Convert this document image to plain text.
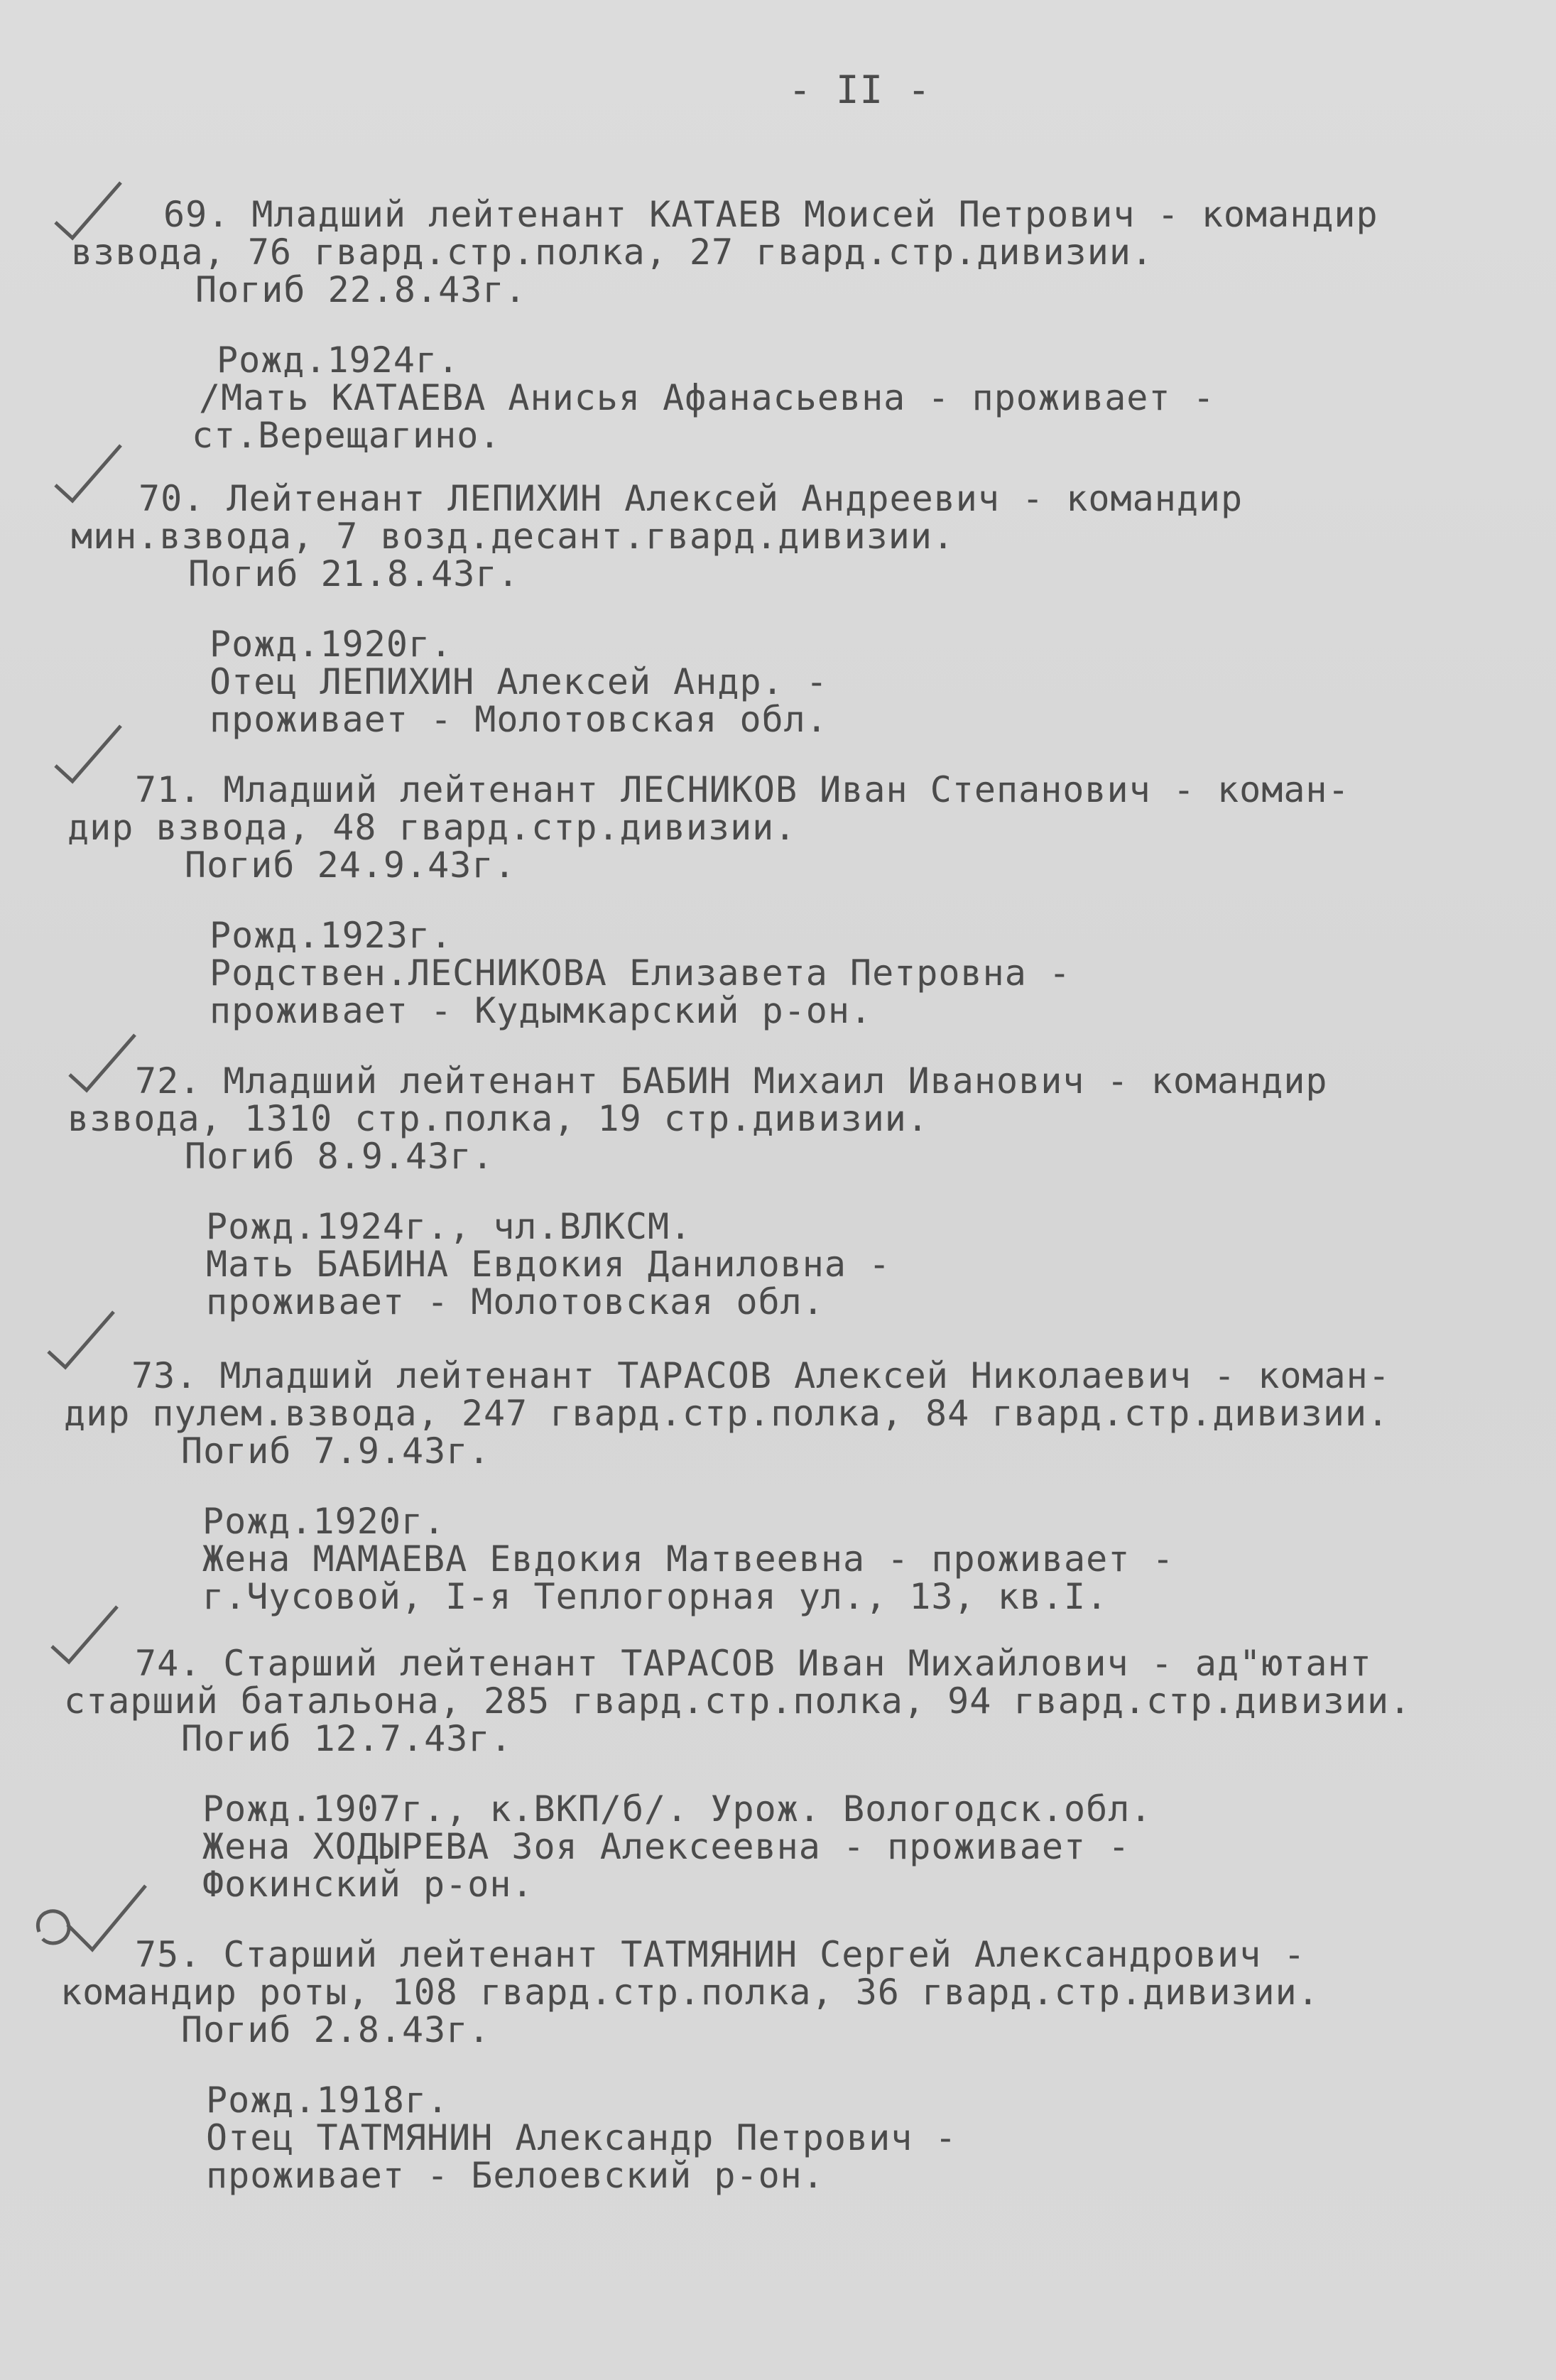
- II -
69. Младший лейтенант КАТАЕВ Моисей Петрович - командир
взвода, 76 гвард.стр.полка, 27 гвард.стр.дивизии.
Погиб 22.8.43г.
Рожд.1924г.
/Мать КАТАЕВА Анисья Афанасьевна - проживает -
ст.Верещагино.
70. Лейтенант ЛЕПИХИН Алексей Андреевич - командир
мин.взвода, 7 возд.десант.гвард.дивизии.
Погиб 21.8.43г.
Рожд.1920г.
Отец ЛЕПИХИН Алексей Андр. -
проживает - Молотовская обл.
71. Младший лейтенант ЛЕСНИКОВ Иван Степанович - коман-
дир взвода, 48 гвард.стр.дивизии.
Погиб 24.9.43г.
Рожд.1923г.
Родствен.ЛЕСНИКОВА Елизавета Петровна -
проживает - Кудымкарский р-он.
72. Младший лейтенант БАБИН Михаил Иванович - командир
взвода, 1310 стр.полка, 19 стр.дивизии.
Погиб 8.9.43г.
Рожд.1924г., чл.ВЛКСМ.
Мать БАБИНА Евдокия Даниловна -
проживает - Молотовская обл.
73. Младший лейтенант ТАРАСОВ Алексей Николаевич - коман-
дир пулем.взвода, 247 гвард.стр.полка, 84 гвард.стр.дивизии.
Погиб 7.9.43г.
Рожд.1920г.
Жена МАМАЕВА Евдокия Матвеевна - проживает -
г.Чусовой, I-я Теплогорная ул., 13, кв.I.
74. Старший лейтенант ТАРАСОВ Иван Михайлович - ад"ютант
старший батальона, 285 гвард.стр.полка, 94 гвард.стр.дивизии.
Погиб 12.7.43г.
Рожд.1907г., к.ВКП/б/. Урож. Вологодск.обл.
Жена ХОДЫРЕВА Зоя Алексеевна - проживает -
Фокинский р-он.
75. Старший лейтенант ТАТМЯНИН Сергей Александрович -
командир роты, 108 гвард.стр.полка, 36 гвард.стр.дивизии.
Погиб 2.8.43г.
Рожд.1918г.
Отец ТАТМЯНИН Александр Петрович -
проживает - Белоевский р-он.
